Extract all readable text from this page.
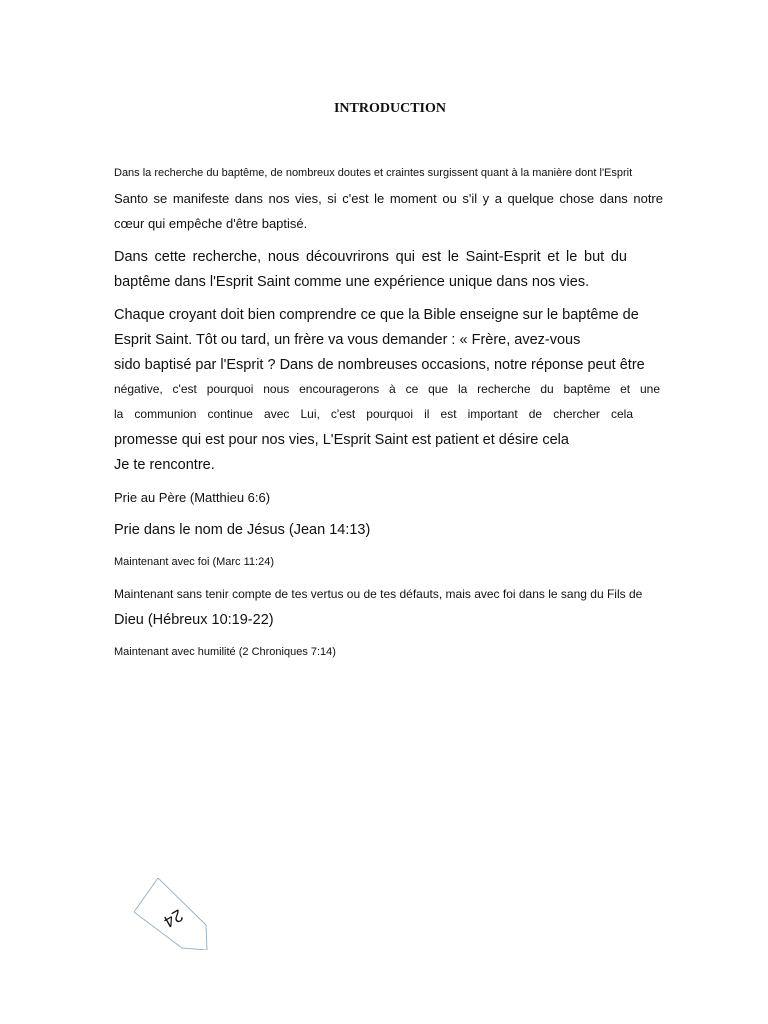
INTRODUCTION

Dans la recherche du baptême, de nombreux doutes et craintes surgissent quant à la manière dont l'Esprit

Santo se manifeste dans nos vies, si c'est le moment ou s'il y a quelque chose dans notre

cœur qui empêche d'être baptisé.

Dans cette recherche, nous découvrirons qui est le Saint-Esprit et le but du

baptême dans l'Esprit Saint comme une expérience unique dans nos vies.

Chaque croyant doit bien comprendre ce que la Bible enseigne sur le baptême de

Esprit Saint. Tôt ou tard, un frère va vous demander : « Frère, avez-vous

sido baptisé par l'Esprit ? Dans de nombreuses occasions, notre réponse peut être

négative, c'est pourquoi nous encouragerons à ce que la recherche du baptême et une

la communion continue avec Lui, c'est pourquoi il est important de chercher cela

promesse qui est pour nos vies, L'Esprit Saint est patient et désire cela

Je te rencontre.

Prie au Père (Matthieu 6:6)

Prie dans le nom de Jésus (Jean 14:13)

Maintenant avec foi (Marc 11:24)

Maintenant sans tenir compte de tes vertus ou de tes défauts, mais avec foi dans le sang du Fils de

Dieu (Hébreux 10:19-22)

Maintenant avec humilité (2 Chroniques 7:14)

24
